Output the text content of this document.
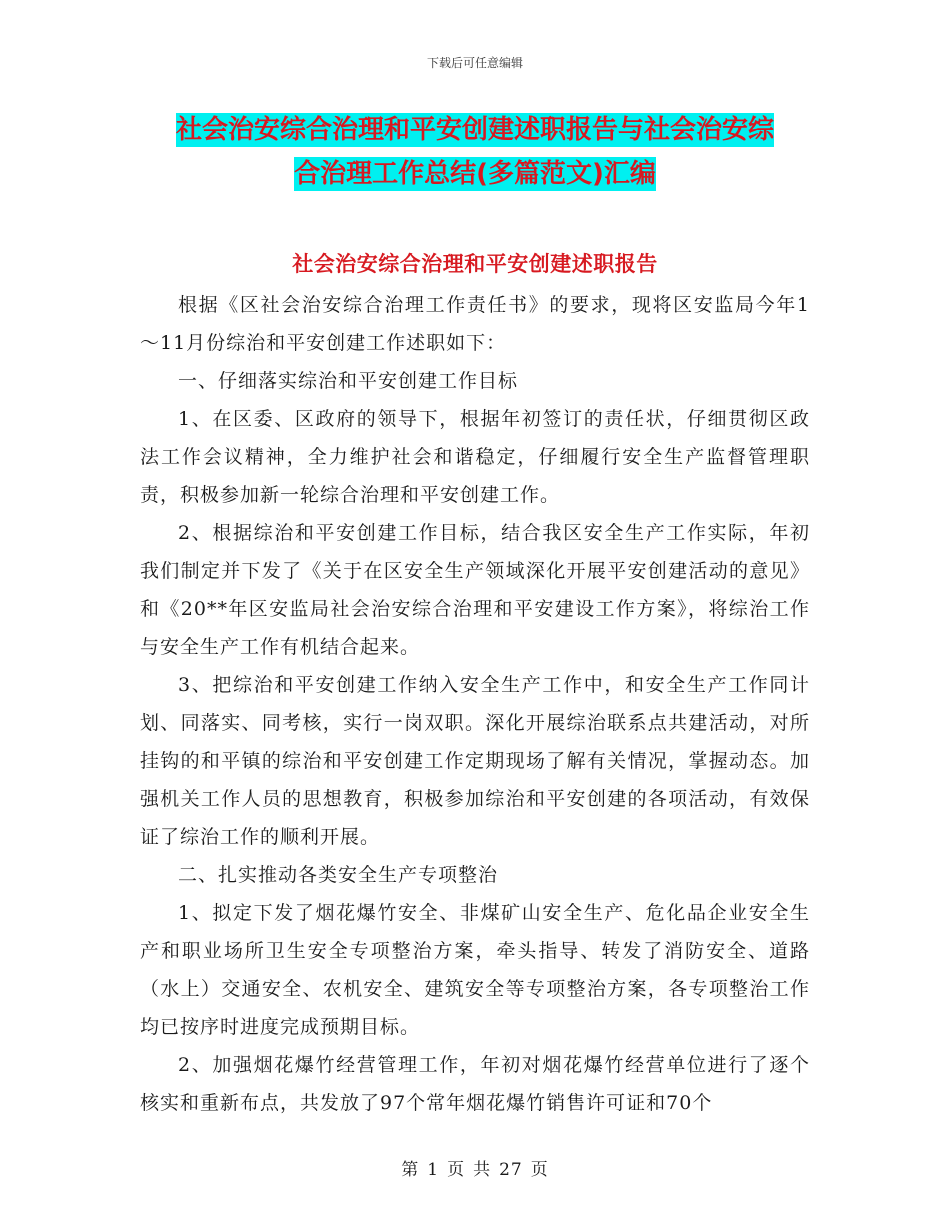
下载后可任意编辑
社会治安综合治理和平安创建述职报告与社会治安综
合治理工作总结(多篇范文)汇编
社会治安综合治理和平安创建述职报告

根据《区社会治安综合治理工作责任书》的要求，现将区安监局今年1～11月份综治和平安创建工作述职如下：

一、仔细落实综治和平安创建工作目标

1、在区委、区政府的领导下，根据年初签订的责任状，仔细贯彻区政法工作会议精神，全力维护社会和谐稳定，仔细履行安全生产监督管理职责，积极参加新一轮综合治理和平安创建工作。

2、根据综治和平安创建工作目标，结合我区安全生产工作实际，年初我们制定并下发了《关于在区安全生产领域深化开展平安创建活动的意见》和《20**年区安监局社会治安综合治理和平安建设工作方案》，将综治工作与安全生产工作有机结合起来。

3、把综治和平安创建工作纳入安全生产工作中，和安全生产工作同计划、同落实、同考核，实行一岗双职。深化开展综治联系点共建活动，对所挂钩的和平镇的综治和平安创建工作定期现场了解有关情况，掌握动态。加强机关工作人员的思想教育，积极参加综治和平安创建的各项活动，有效保证了综治工作的顺利开展。

二、扎实推动各类安全生产专项整治

1、拟定下发了烟花爆竹安全、非煤矿山安全生产、危化品企业安全生产和职业场所卫生安全专项整治方案，牵头指导、转发了消防安全、道路（水上）交通安全、农机安全、建筑安全等专项整治方案，各专项整治工作均已按序时进度完成预期目标。

2、加强烟花爆竹经营管理工作，年初对烟花爆竹经营单位进行了逐个核实和重新布点，共发放了97个常年烟花爆竹销售许可证和70个

第 1 页 共 27 页
